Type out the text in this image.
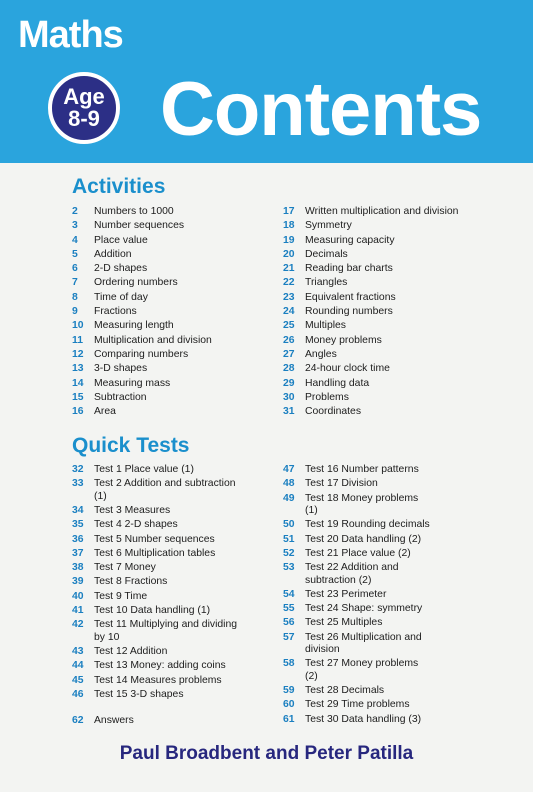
Maths
Age
8-9 Contents
Activities
2	Numbers to 1000
3	Number sequences
4	Place value
5	Addition
6	2-D shapes
7	Ordering numbers
8	Time of day
9	Fractions
10	Measuring length
11	Multiplication and division
12	Comparing numbers
13	3-D shapes
14	Measuring mass
15	Subtraction
16	Area
17	Written multiplication and division
18	Symmetry
19	Measuring capacity
20	Decimals
21	Reading bar charts
22	Triangles
23	Equivalent fractions
24	Rounding numbers
25	Multiples
26	Money problems
27	Angles
28	24-hour clock time
29	Handling data
30	Problems
31	Coordinates
Quick Tests
32	Test 1 Place value (1)
33	Test 2 Addition and subtraction (1)
34	Test 3 Measures
35	Test 4 2-D shapes
36	Test 5 Number sequences
37	Test 6 Multiplication tables
38	Test 7 Money
39	Test 8 Fractions
40	Test 9 Time
41	Test 10 Data handling (1)
42	Test 11 Multiplying and dividing by 10
43	Test 12 Addition
44	Test 13 Money: adding coins
45	Test 14 Measures problems
46	Test 15 3-D shapes
47	Test 16 Number patterns
48	Test 17 Division
49	Test 18 Money problems (1)
50	Test 19 Rounding decimals
51	Test 20 Data handling (2)
52	Test 21 Place value (2)
53	Test 22 Addition and subtraction (2)
54	Test 23 Perimeter
55	Test 24 Shape: symmetry
56	Test 25 Multiples
57	Test 26 Multiplication and division
58	Test 27 Money problems (2)
59	Test 28 Decimals
60	Test 29 Time problems
61	Test 30 Data handling (3)
62	Answers
Paul Broadbent and Peter Patilla
